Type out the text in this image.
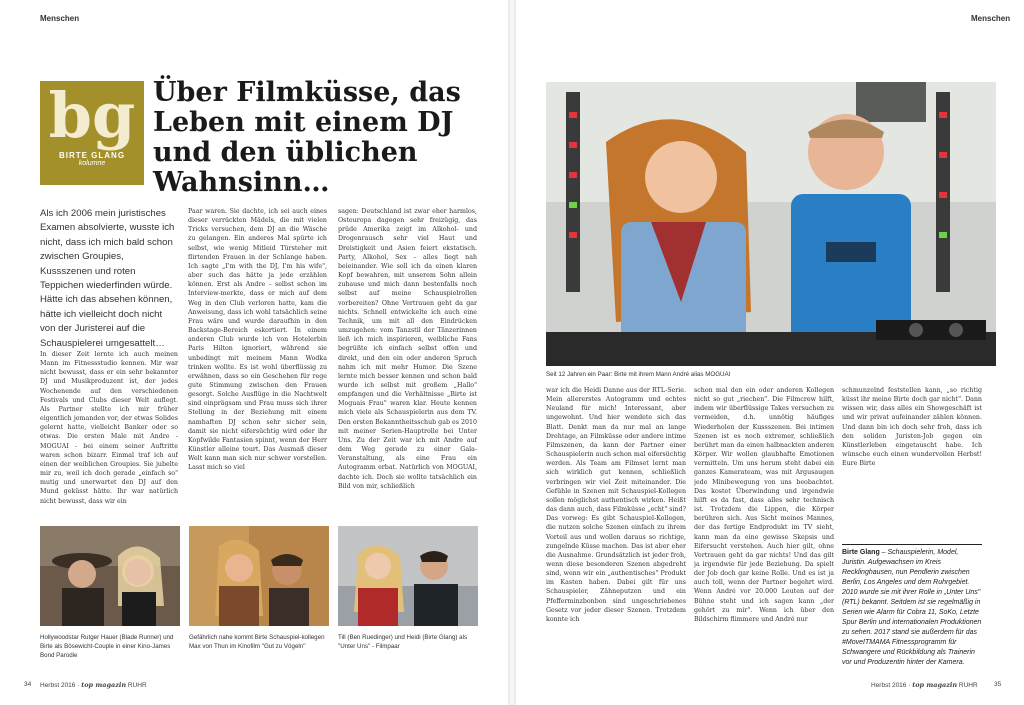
Menschen
bg
BIRTE GLANG
kolumne
Über Filmküsse, das Leben mit einem DJ und den üblichen Wahnsinn…
Als ich 2006 mein juristisches Examen absolvierte, wusste ich nicht, dass ich mich bald schon zwischen Groupies, Kussszenen und roten Teppichen wiederfinden würde. Hätte ich das absehen können, hätte ich vielleicht doch nicht von der Juristerei auf die Schauspielerei umgesattelt…

In dieser Zeit lernte ich auch meinen Mann im Fitnessstudio kennen. Mir war nicht bewusst, dass er ein sehr bekannter DJ und Musikproduzent ist, der jedes Wochenende auf den verschiedenen Festivals und Clubs dieser Welt auflegt. Als Partner stellte ich mir früher eigentlich jemanden vor, der etwas Solides gelernt hatte, vielleicht Banker oder so etwas. Die ersten Male mit Andre - MOGUAI - bei einem seiner Auftritte waren schon bizarr. Einmal traf ich auf einen der weiblichen Groupies. Sie jubelte mir zu, weil ich doch gerade „einfach so" mutig und unerwartet den DJ auf den Mund geküsst hätte. Ihr war natürlich nicht bewusst, dass wir ein

Paar waren. Sie dachte, ich sei auch eines dieser verrückten Mädels, die mit vielen Tricks versuchen, dem DJ an die Wäsche zu gelangen. Ein anderes Mal spürte ich selbst, wie wenig Mitleid Türsteher mit flirtenden Frauen in der Schlange haben. Ich sagte „I'm with the DJ, I'm his wife", aber such das hätte ja jede erzählen können. Erst als Andre – selbst schon im Interview-merkte, dass er mich auf dem Weg in den Club verloren hatte, kam die Anweisung, dass ich wohl tatsächlich seine Frau wäre und wurde daraufhin in den Backstage-Bereich eskortiert. In einem anderen Club wurde ich von Hotelerbin Paris Hilton ignoriert, während sie unbedingt mit meinem Mann Wodka trinken wollte. Es ist wohl überflüssig zu erwähnen, dass so ein Geschehen für rege gute Stimmung zwischen den Frauen gesorgt. Solche Ausflüge in die Nachtwelt sind einprägsam und Frau muss sich ihrer Stellung in der Beziehung mit einem namhaften DJ schon sehr sicher sein, damit sie nicht eifersüchtig wird oder ihr Kopfwilde Fantasien spinnt, wenn der Herr Künstler alleine tourt. Das Ausmaß dieser Welt kann man sich nur schwer vorstellen. Lasst mich so viel

sagen: Deutschland ist zwar eher harmlos, Osteuropa dagegen sehr freizügig, das prüde Amerika zeigt im Alkohol- und Drogenrausch sehr viel Haut und Dreistigkeit und Asien feiert ekstatisch. Party, Alkohol, Sex – alles liegt nah beieinander. Wie soll ich da einen klaren Kopf bewahren, mit unserem Sohn allein zuhause und mich dann bestenfalls noch selbst auf meine Schauspielrollen vorbereiten? Ohne Vertrauen geht da gar nichts. Schnell entwickelte ich auch eine Technik, um mit all den Eindrücken umzugehen: vom Tanzstil der Tänzerinnen ließ ich mich inspirieren, weibliche Fans begrüßte ich einfach selbst offen und direkt, und den ein oder anderen Spruch nahm ich mit mehr Humor. Die Szene lernte mich besser kennen und schon bald wurde ich selbst mit großem „Hallo" empfangen und die Verhältnisse „Birte ist Moguais Frau" waren klar. Heute kennen mich viele als Schauspielerin aus dem TV. Den ersten Bekanntheitsschub gab es 2010 mit meiner Serien-Hauptrolle bei Unter Uns. Zu der Zeit war ich mit Andre auf dem Weg gerade zu einer Gala-Veranstaltung, als eine Frau ein Autogramm erbat. Natürlich von MOGUAI, dachte ich. Doch sie wollte tatsächlich ein Bild von mir, schließlich

Hollywoodstar Rutger Hauer (Blade Runner) und Birte als Bösewicht-Couple in einer Kino-James Bond Parodie
Gefährlich nahe kommt Birte Schauspiel-kollegen Max von Thun im Kinofilm "Gut zu Vögeln"
Till (Ben Ruedinger) und Heidi (Birte Glang) als "Unter Uns" - Filmpaar
34 Herbst 2016 · top magazin RUHR
Menschen
Seit 12 Jahren ein Paar: Birte mit ihrem Mann André alias MOGUAI

war ich die Heidi Danne aus der RTL-Serie. Mein allererstes Autogramm und echtes Neuland für mich! Interessant, aber ungewohnt. Und hier wendete sich das Blatt. Denkt man da nur mal an lange Drehtage, an Filmküsse oder andere intime Filmszenen, da kann der Partner einer Schauspielerin auch schon mal eifersüchtig werden. Als Team am Filmset lernt man sich wirklich gut kennen, schließlich verbringen wir viel Zeit miteinander. Die Gefühle in Szenen mit Schauspiel-Kollegen sollen möglichst authentisch wirken. Heißt das dann auch, dass Filmküsse „echt" sind? Das vorweg: Es gibt Schauspiel-Kollegen, die nutzen solche Szenen einfach zu ihrem Vorteil aus und wollen daraus so richtige, zungelnde Küsse machen. Das ist aber eher die Ausnahme. Grundsätzlich ist jeder froh, wenn diese besonderen Szenen abgedreht sind, wenn wir ein „authentisches" Produkt im Kasten haben. Dabei gilt für uns Schauspieler, Zähneputzen und ein Pfefferminzbonbon sind ungeschriebenes Gesetz vor jeder dieser Szenen. Trotzdem konnte ich

schon mal den ein oder anderen Kollegen nicht so gut „riechen". Die Filmcrew hilft, indem wir überflüssige Takes versuchen zu vermeiden, d.h. unnötig häufiges Wiederholen der Kussszenen. Bei intimen Szenen ist es noch extremer, schließlich berührt man da einen halbnackten anderen Körper. Wir wollen glaubhafte Emotionen vermitteln. Um uns herum steht dabei ein ganzes Kamerateam, was mit Argusaugen jede Minibewegung von uns beobachtet. Das kostet Überwindung und irgendwie hilft es da fast, dass alles sehr technisch ist. Trotzdem die Lippen, die Körper berühren sich. Aus Sicht meines Mannes, der das fertige Endprodukt im TV sieht, kann man da eine gewisse Skepsis und Eifersucht verstehen. Auch hier gilt, ohne Vertrauen geht da gar nichts! Und das gilt ja irgendwie für jede Beziehung. Da spielt der Job doch gar keine Rolle. Und es ist ja auch toll, wenn der Partner begehrt wird. Wenn André vor 20.000 Leuten auf der Bühne steht und ich sagen kann „der gehört zu mir". Wenn ich über den Bildschirm flimmere und André nur

schmunzelnd feststellen kann, „so richtig küsst ihr meine Birte doch gar nicht". Dann wissen wir, dass alles ein Showgeschäft ist und wir privat aufeinander zählen können. Und dann bin ich doch sehr froh, dass ich den soliden Juristen-Job gegen ein Künstlerleben eingetauscht habe. Ich wünsche euch einen wundervollen Herbst! Eure Birte

Herbst 2016 · top magazin RUHR	35
Birte Glang – Schauspielerin, Model, Juristin. Aufgewachsen im Kreis Recklinghausen, nun Pendlerin zwischen Berlin, Los Angeles und dem Ruhrgebiet. 2010 wurde sie mit ihrer Rolle in „Unter Uns" (RTL) bekannt. Seitdem ist sie regelmäßig in Serien wie Alarm für Cobra 11, SoKo, Letzte Spur Berlin und internationalen Produktionen zu sehen. 2017 stand sie außerdem für das #MoveITMAMA Fitnessprogramm für Schwangere und Rückbildung als Trainerin vor und Produzentin hinter der Kamera.
